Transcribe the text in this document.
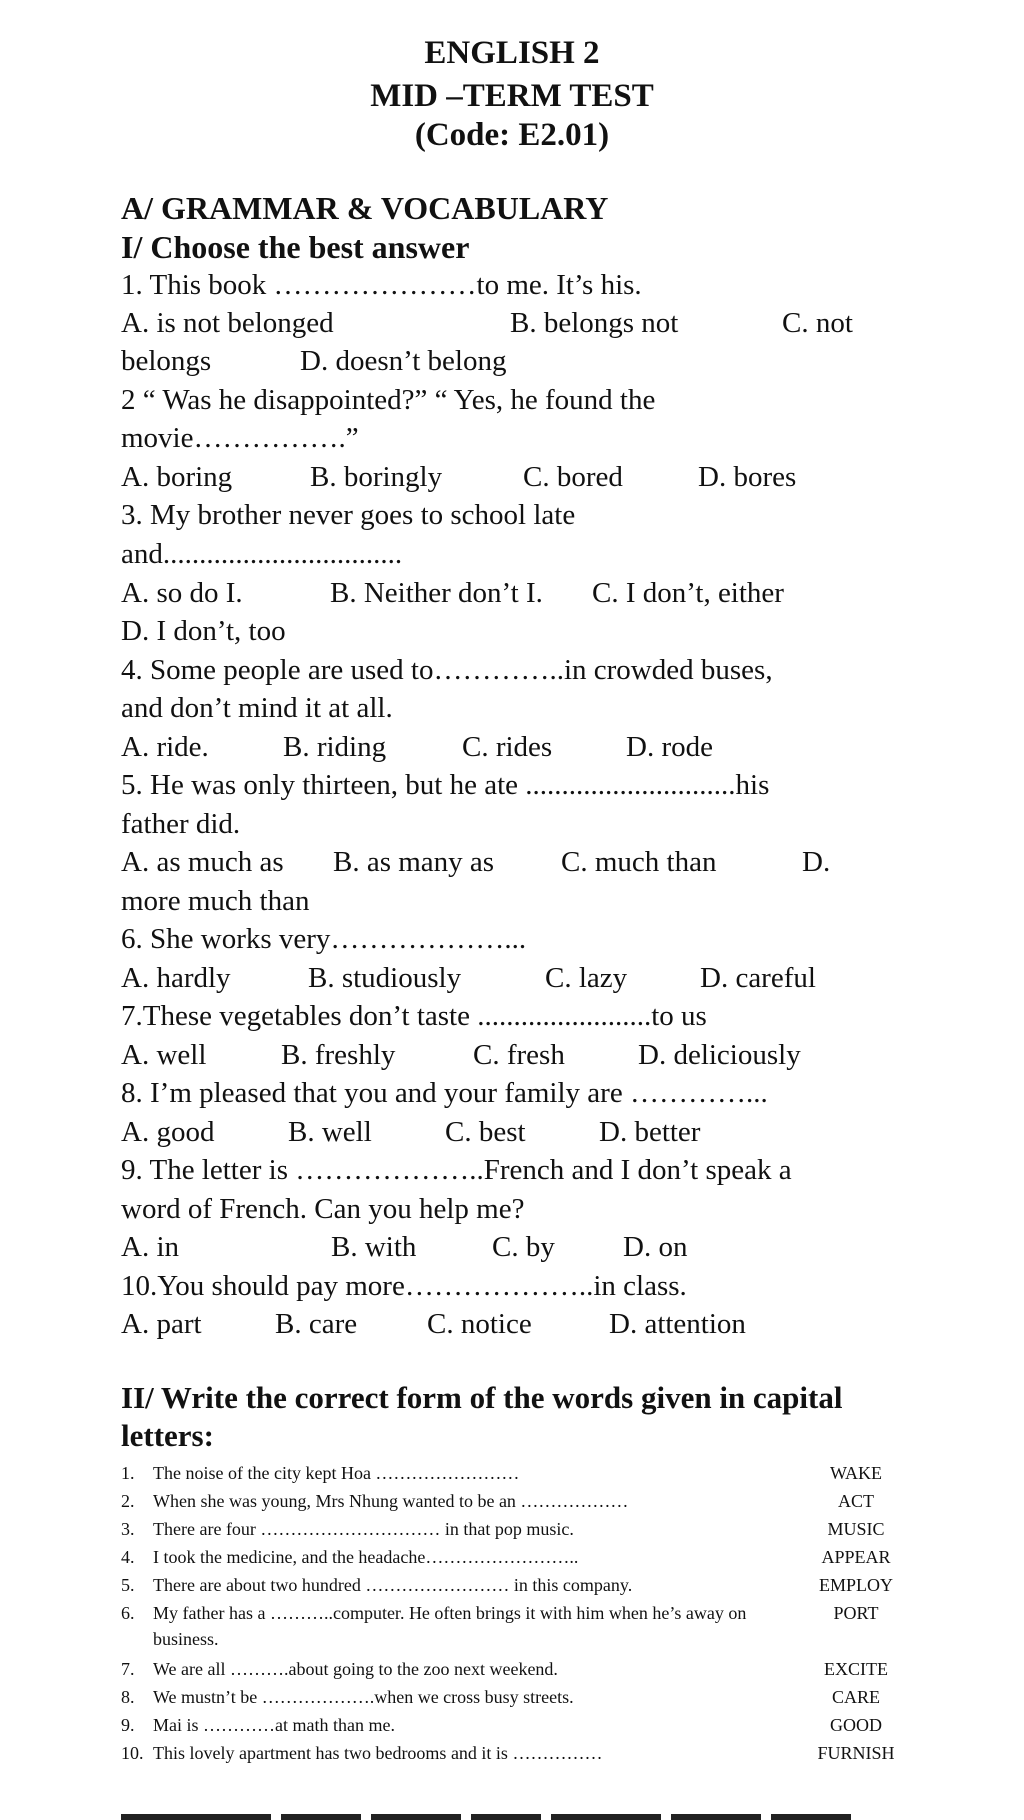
ENGLISH 2
MID –TERM TEST
(Code: E2.01)
A/ GRAMMAR & VOCABULARY
I/ Choose the best answer
1. This book …………………to me. It’s his.
A. is not belonged	B. belongs not	C. not
belongs	D. doesn’t belong
2 “ Was he disappointed?” “ Yes, he found the
movie…………….”
A. boring	B. boringly	C. bored	D. bores
3. My brother never goes to school late
and.................................
A. so do I.	B. Neither don’t I. C. I don’t, either
D. I don’t, too
4. Some people are used to…………..in crowded buses,
and don’t mind it at all.
A. ride.	B. riding	C. rides	D. rode
5. He was only thirteen, but he ate .............................his
father did.
A. as much as B. as many as C. much than	D.
more much than
6. She works very………………...
A. hardly	B. studiously	C. lazy	D. careful
7.These vegetables don’t taste ........................to us
A. well	B. freshly	C. fresh	D. deliciously
8. I’m pleased that you and your family are …………...
A. good	B. well	C. best	D. better
9. The letter is ………………..French and I don’t speak a
word of French. Can you help me?
A. in	B. with	C. by D. on
10.You should pay more………………..in class.
A. part	B. care C. notice	D. attention
II/ Write the correct form of the words given in capital letters:
1. The noise of the city kept Hoa ……………………	WAKE
2. When she was young, Mrs Nhung wanted to be an ………………	ACT
3. There are four ………………………… in that pop music.	MUSIC
4. I took the medicine, and the headache……………………..	APPEAR
5. There are about two hundred …………………… in this company.	EMPLOY
6. My father has a ………..computer. He often brings it with him when he’s away on business.
PORT
7. We are all ……….about going to the zoo next weekend.	EXCITE
8. We mustn’t be ……………….when we cross busy streets.	CARE
9. Mai is …………at math than me.	GOOD
10. This lovely apartment has two bedrooms and it is ……………	FURNISH
